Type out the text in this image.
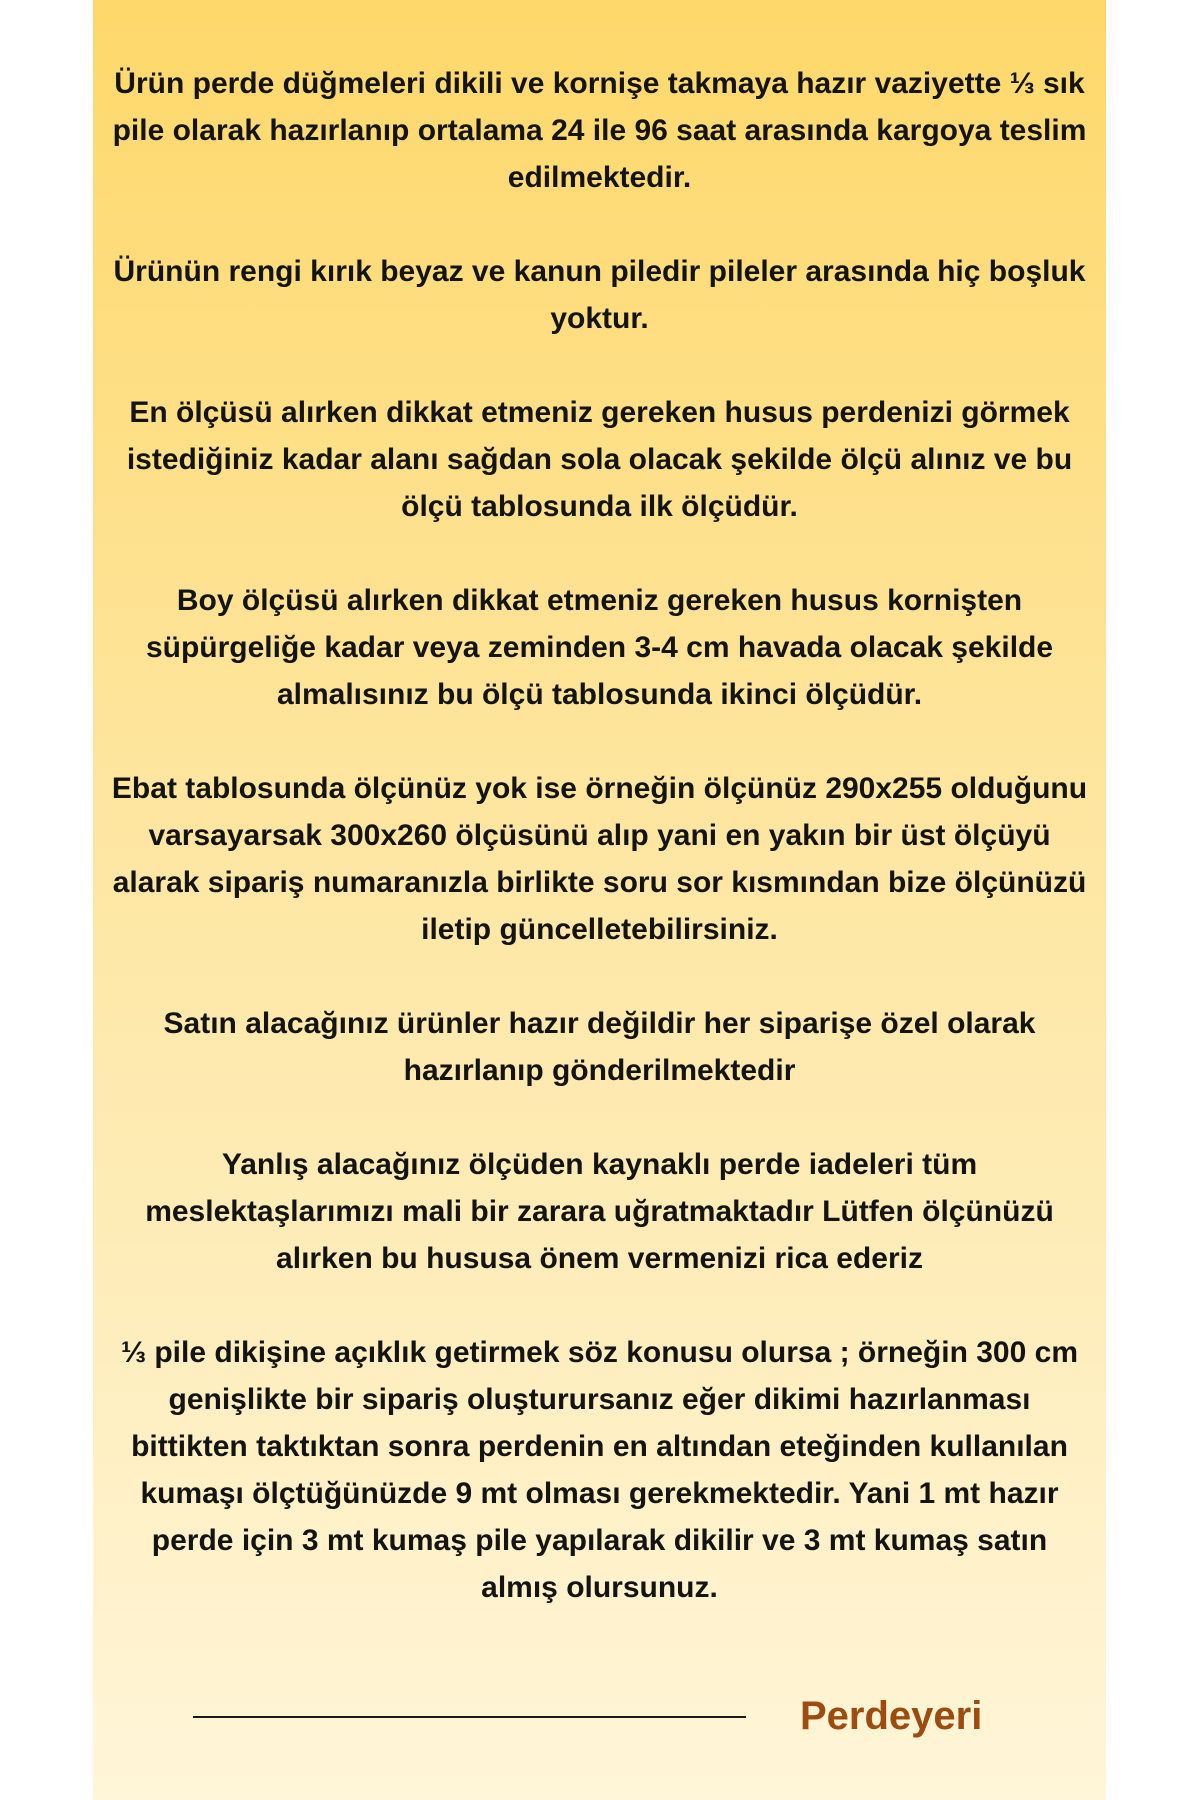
Ürün perde düğmeleri dikili ve kornişe takmaya hazır vaziyette ⅓ sık pile olarak hazırlanıp ortalama 24 ile 96 saat arasında kargoya teslim edilmektedir.

Ürünün rengi kırık beyaz ve kanun piledir pileler arasında hiç boşluk yoktur.

En ölçüsü alırken dikkat etmeniz gereken husus perdenizi görmek istediğiniz kadar alanı sağdan sola olacak şekilde ölçü alınız ve bu ölçü tablosunda ilk ölçüdür.

Boy ölçüsü alırken dikkat etmeniz gereken husus kornişten süpürgeliğe kadar veya zeminden 3-4 cm havada olacak şekilde almalısınız bu ölçü tablosunda ikinci ölçüdür.

Ebat tablosunda ölçünüz yok ise örneğin ölçünüz 290x255 olduğunu varsayarsak 300x260 ölçüsünü alıp yani en yakın bir üst ölçüyü alarak sipariş numaranızla birlikte soru sor kısmından bize ölçünüzü iletip güncelletebilirsiniz.

Satın alacağınız ürünler hazır değildir her siparişe özel olarak hazırlanıp gönderilmektedir

Yanlış alacağınız ölçüden kaynaklı perde iadeleri tüm meslektaşlarımızı mali bir zarara uğratmaktadır Lütfen ölçünüzü alırken bu hususa önem vermenizi rica ederiz

⅓ pile dikişine açıklık getirmek söz konusu olursa ; örneğin 300 cm genişlikte bir sipariş oluşturursanız eğer dikimi hazırlanması bittikten taktıktan sonra perdenin en altından eteğinden kullanılan kumaşı ölçtüğünüzde 9 mt olması gerekmektedir. Yani 1 mt hazır perde için 3 mt kumaş pile yapılarak dikilir ve 3 mt kumaş satın almış olursunuz.

Perdeyeri
